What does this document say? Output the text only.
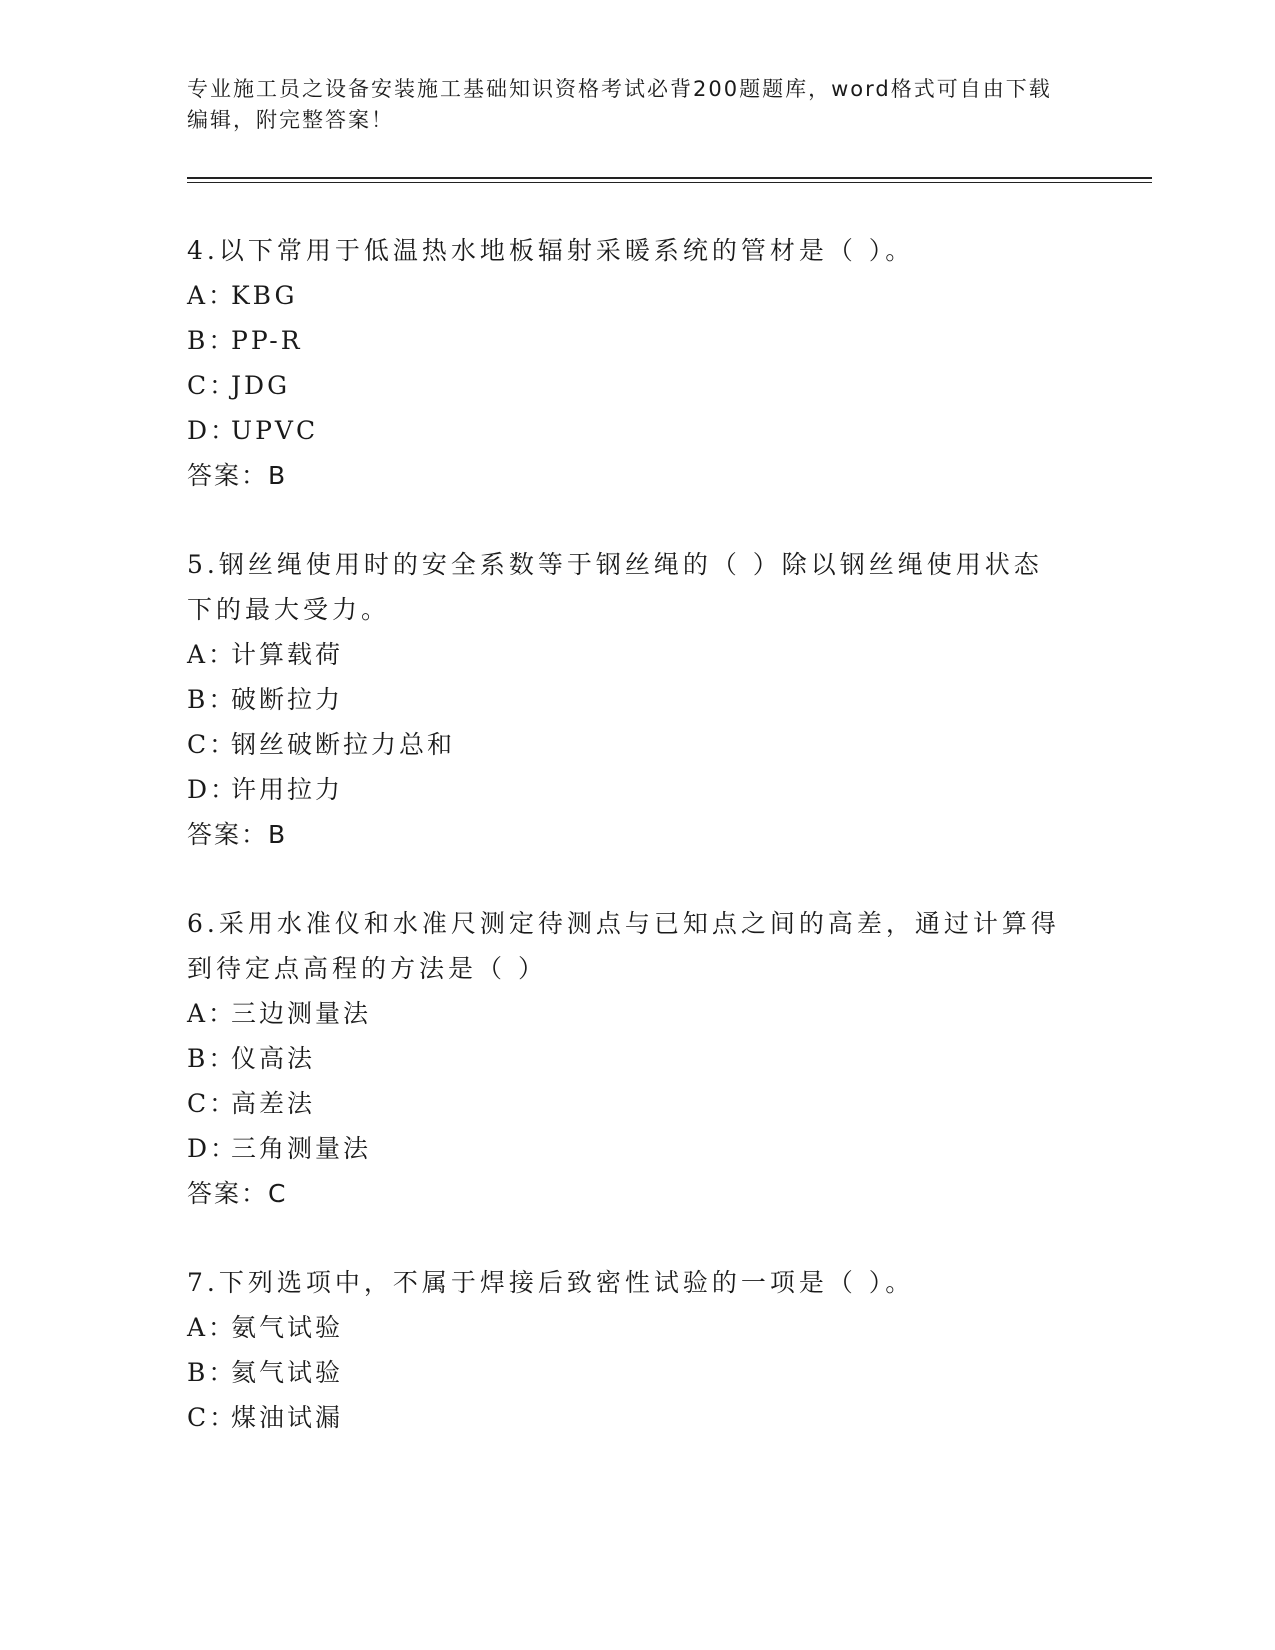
专业施工员之设备安装施工基础知识资格考试必背200题题库，word格式可自由下载编辑，附完整答案！

4.以下常用于低温热水地板辐射采暖系统的管材是（ ）。

A：KBG

B：PP-R

C：JDG

D：UPVC

答案：B

5.钢丝绳使用时的安全系数等于钢丝绳的（ ）除以钢丝绳使用状态下的最大受力。

A：计算载荷

B：破断拉力

C：钢丝破断拉力总和

D：许用拉力

答案：B

6.采用水准仪和水准尺测定待测点与已知点之间的高差，通过计算得到待定点高程的方法是（ ）

A：三边测量法

B：仪高法

C：高差法

D：三角测量法

答案：C

7.下列选项中，不属于焊接后致密性试验的一项是（ ）。

A：氨气试验

B：氦气试验

C：煤油试漏
